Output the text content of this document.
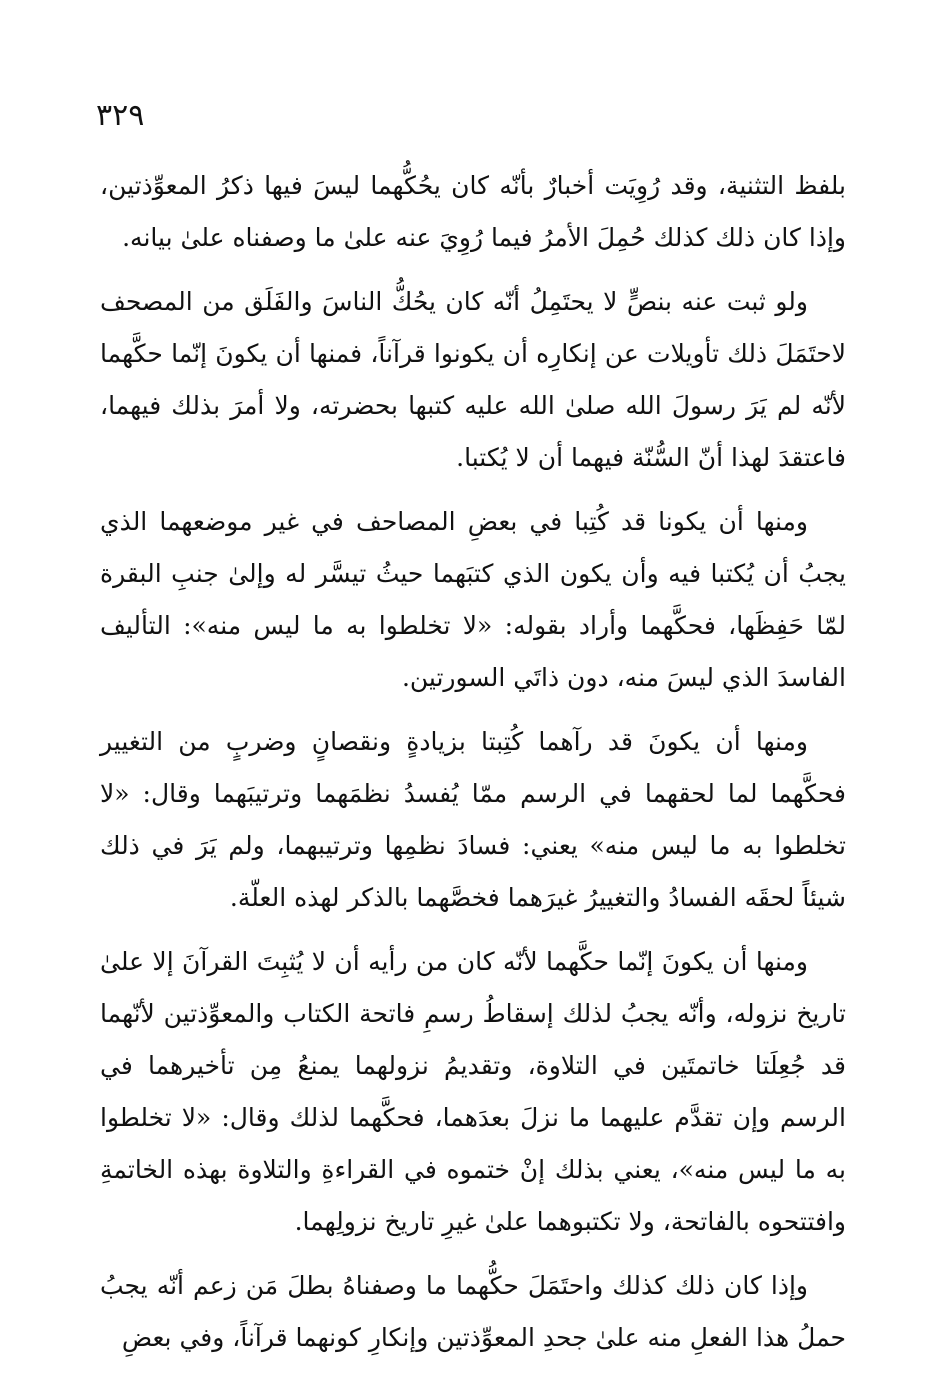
٣٢٩

بلفظ التثنية، وقد رُوِيَت أخبارٌ بأنّه كان يحُكُّهما ليسَ فيها ذكرُ المعوِّذتين، وإذا كان ذلك كذلك حُمِلَ الأمرُ فيما رُوِيَ عنه علىٰ ما وصفناه علىٰ بيانه.

ولو ثبت عنه بنصٍّ لا يحتَمِلُ أنّه كان يحُكُّ الناسَ والفَلَق من المصحف لاحتَمَلَ ذلك تأويلات عن إنكارِه أن يكونوا قرآناً، فمنها أن يكونَ إنّما حكَّهما لأنّه لم يَرَ رسولَ الله صلىٰ الله عليه كتبها بحضرته، ولا أمرَ بذلك فيهما، فاعتقدَ لهذا أنّ السُّنّة فيهما أن لا يُكتبا.

ومنها أن يكونا قد كُتِبا في بعضِ المصاحف في غير موضعهما الذي يجبُ أن يُكتبا فيه وأن يكون الذي كتبَهما حيثُ تيسَّر له وإلىٰ جنبِ البقرة لمّا حَفِظَها، فحكَّهما وأراد بقوله: «لا تخلطوا به ما ليس منه»: التأليف الفاسدَ الذي ليسَ منه، دون ذاتَي السورتين.

ومنها أن يكونَ قد رآهما كُتِبتا بزيادةٍ ونقصانٍ وضربٍ من التغيير فحكَّهما لما لحقهما في الرسم ممّا يُفسدُ نظمَهما وترتيبَهما وقال: «لا تخلطوا به ما ليس منه» يعني: فسادَ نظمِها وترتيبهما، ولم يَرَ في ذلك شيئاً لحقَه الفسادُ والتغييرُ غيرَهما فخصَّهما بالذكر لهذه العلّة.

ومنها أن يكونَ إنّما حكَّهما لأنّه كان من رأيه أن لا يُثبِتَ القرآنَ إلا علىٰ تاريخ نزوله، وأنّه يجبُ لذلك إسقاطُ رسمِ فاتحة الكتاب والمعوِّذتين لأنّهما قد جُعِلَتا خاتمتَين في التلاوة، وتقديمُ نزولهما يمنعُ مِن تأخيرهما في الرسم وإن تقدَّم عليهما ما نزلَ بعدَهما، فحكَّهما لذلك وقال: «لا تخلطوا به ما ليس منه»، يعني بذلك إنْ ختموه في القراءةِ والتلاوة بهذه الخاتمةِ وافتتحوه بالفاتحة، ولا تكتبوهما علىٰ غيرِ تاريخ نزولِهما.

وإذا كان ذلك كذلك واحتَمَلَ حكُّهما ما وصفناهُ بطلَ مَن زعم أنّه يجبُ حملُ هذا الفعلِ منه علىٰ جحدِ المعوِّذتين وإنكارِ كونهما قرآناً، وفي بعضِ
